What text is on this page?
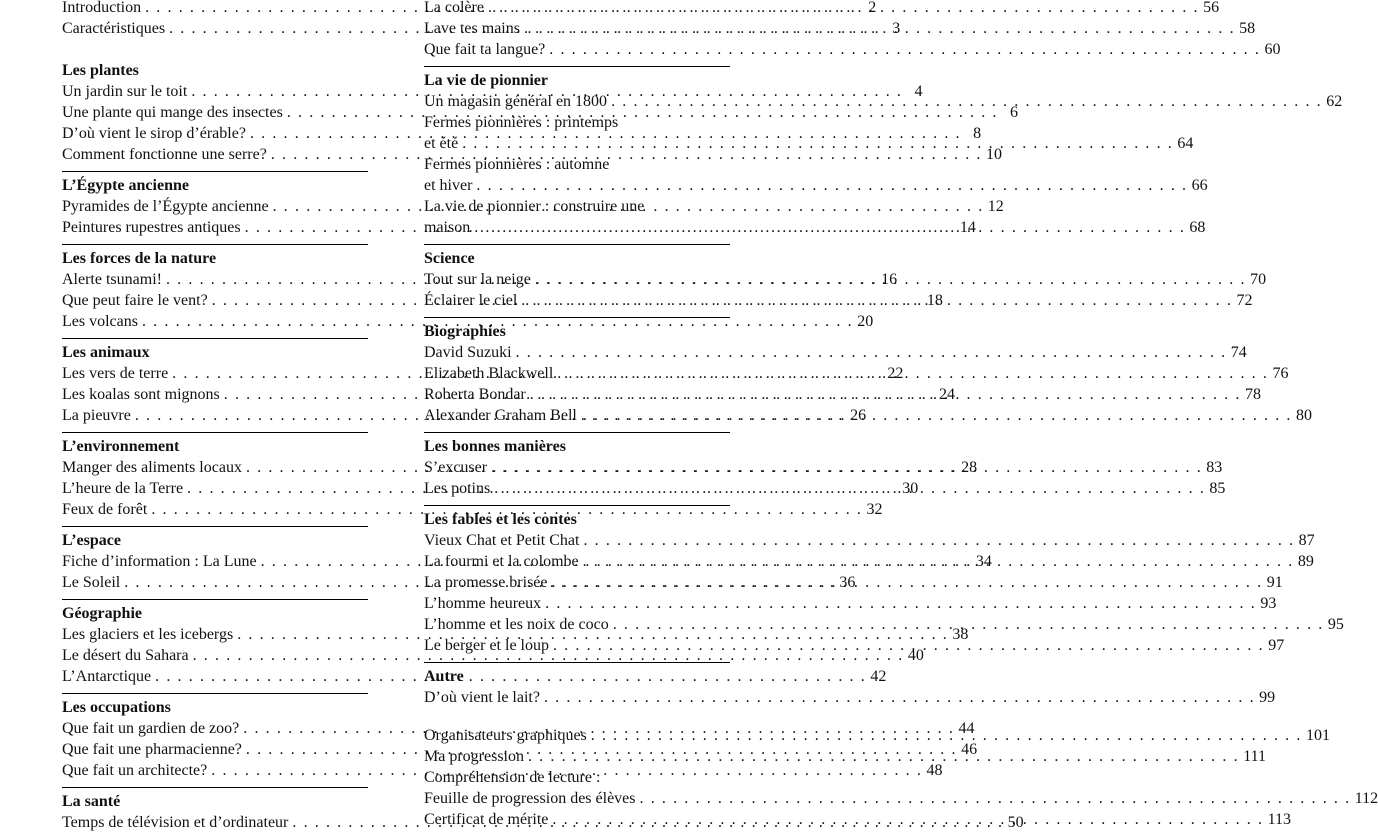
Introduction . . .	2
Caractéristiques . . .	3
Les plantes
Un jardin sur le toit . . .	4
Une plante qui mange des insectes . . .	6
D’où vient le sirop d’érable? . . .	8
Comment fonctionne une serre? . . .	10
L’Égypte ancienne
Pyramides de l’Égypte ancienne . . .	12
Peintures rupestres antiques . . .	14
Les forces de la nature
Alerte tsunami! . . .	16
Que peut faire le vent? . . .	18
Les volcans . . .	20
Les animaux
Les vers de terre . . .	22
Les koalas sont mignons . . .	24
La pieuvre . . .	26
L’environnement
Manger des aliments locaux . . .	28
L’heure de la Terre . . .	30
Feux de forêt . . .	32
L’espace
Fiche d’information : La Lune . . .	34
Le Soleil . . .	36
Géographie
Les glaciers et les icebergs . . .	38
Le désert du Sahara . . .	40
L’Antarctique . . .	42
Les occupations
Que fait un gardien de zoo? . . .	44
Que fait une pharmacienne? . . .	46
Que fait un architecte? . . .	48
La santé
Temps de télévision et d’ordinateur . . .	50
La colère . . .	56
Lave tes mains . . .	58
Que fait ta langue? . . .	60
La vie de pionnier
Un magasin général en 1800 . . .	62
Fermes pionnières : printemps
et été . . .	64
Fermes pionnières : automne
et hiver . . .	66
La vie de pionnier : construire une
maison . . .	68
Science
Tout sur la neige . . .	70
Éclairer le ciel . . .	72
Biographies
David Suzuki . . .	74
Elizabeth Blackwell . . .	76
Roberta Bondar . . .	78
Alexander Graham Bell . . .	80
Les bonnes manières
S’excuser . . .	83
Les potins . . .	85
Les fables et les contes
Vieux Chat et Petit Chat . . .	87
La fourmi et la colombe . . .	89
La promesse brisée . . .	91
L’homme heureux . . .	93
L’homme et les noix de coco . . .	95
Le berger et le loup . . .	97
Autre
D’où vient le lait? . . .	99
Organisateurs graphiques . . .	101
Ma progression . . .	111
Compréhension de lecture :
Feuille de progression des élèves . . .	112
Certificat de mérite . . .	113
